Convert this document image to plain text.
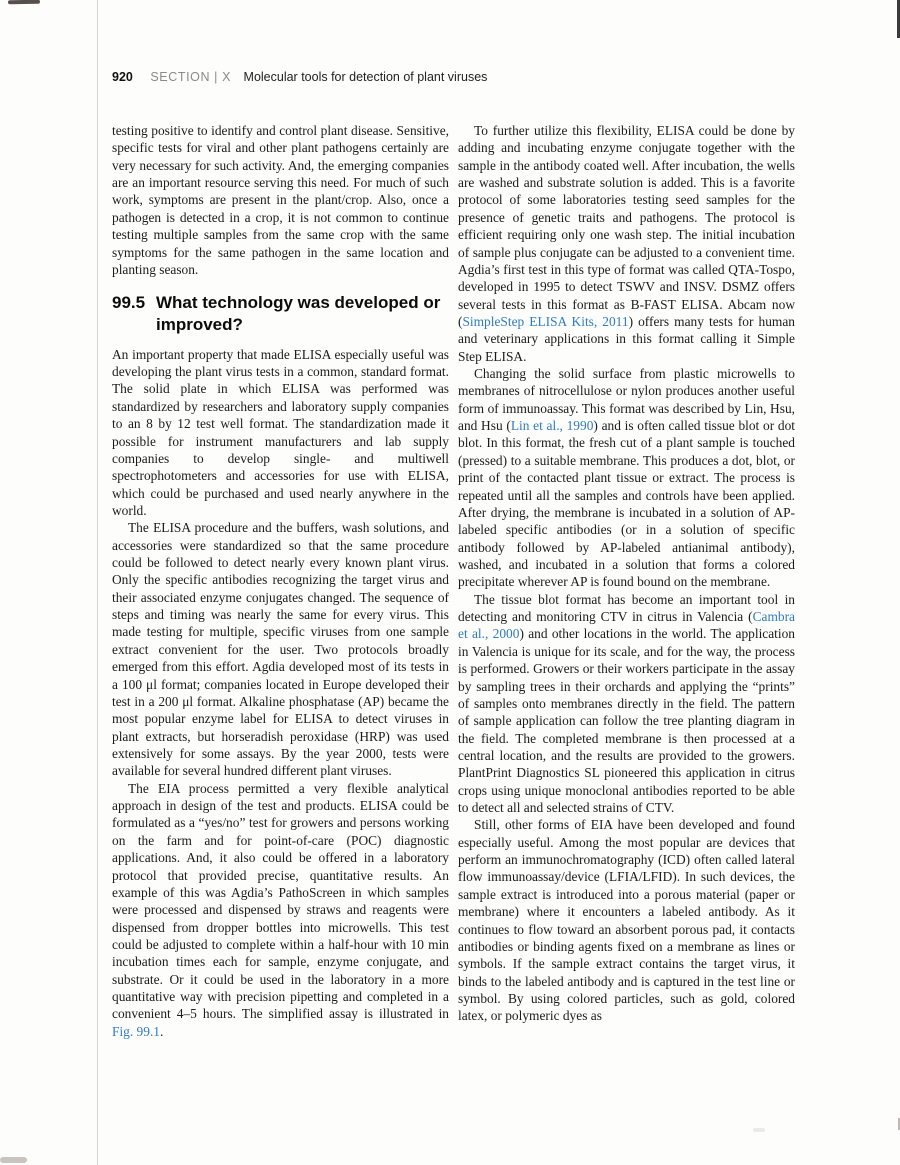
920 SECTION | X Molecular tools for detection of plant viruses

testing positive to identify and control plant disease. Sensitive, specific tests for viral and other plant pathogens certainly are very necessary for such activity. And, the emerging companies are an important resource serving this need. For much of such work, symptoms are present in the plant/crop. Also, once a pathogen is detected in a crop, it is not common to continue testing multiple samples from the same crop with the same symptoms for the same pathogen in the same location and planting season.

99.5 What technology was developed or improved?

An important property that made ELISA especially useful was developing the plant virus tests in a common, standard format. The solid plate in which ELISA was performed was standardized by researchers and laboratory supply companies to an 8 by 12 test well format. The standardization made it possible for instrument manufacturers and lab supply companies to develop single- and multiwell spectrophotometers and accessories for use with ELISA, which could be purchased and used nearly anywhere in the world.

The ELISA procedure and the buffers, wash solutions, and accessories were standardized so that the same procedure could be followed to detect nearly every known plant virus. Only the specific antibodies recognizing the target virus and their associated enzyme conjugates changed. The sequence of steps and timing was nearly the same for every virus. This made testing for multiple, specific viruses from one sample extract convenient for the user. Two protocols broadly emerged from this effort. Agdia developed most of its tests in a 100 μl format; companies located in Europe developed their test in a 200 μl format. Alkaline phosphatase (AP) became the most popular enzyme label for ELISA to detect viruses in plant extracts, but horseradish peroxidase (HRP) was used extensively for some assays. By the year 2000, tests were available for several hundred different plant viruses.

The EIA process permitted a very flexible analytical approach in design of the test and products. ELISA could be formulated as a “yes/no” test for growers and persons working on the farm and for point-of-care (POC) diagnostic applications. And, it also could be offered in a laboratory protocol that provided precise, quantitative results. An example of this was Agdia’s PathoScreen in which samples were processed and dispensed by straws and reagents were dispensed from dropper bottles into microwells. This test could be adjusted to complete within a half-hour with 10 min incubation times each for sample, enzyme conjugate, and substrate. Or it could be used in the laboratory in a more quantitative way with precision pipetting and completed in a convenient 4–5 hours. The simplified assay is illustrated in Fig. 99.1.

To further utilize this flexibility, ELISA could be done by adding and incubating enzyme conjugate together with the sample in the antibody coated well. After incubation, the wells are washed and substrate solution is added. This is a favorite protocol of some laboratories testing seed samples for the presence of genetic traits and pathogens. The protocol is efficient requiring only one wash step. The initial incubation of sample plus conjugate can be adjusted to a convenient time. Agdia’s first test in this type of format was called QTA-Tospo, developed in 1995 to detect TSWV and INSV. DSMZ offers several tests in this format as B-FAST ELISA. Abcam now (SimpleStep ELISA Kits, 2011) offers many tests for human and veterinary applications in this format calling it Simple Step ELISA.

Changing the solid surface from plastic microwells to membranes of nitrocellulose or nylon produces another useful form of immunoassay. This format was described by Lin, Hsu, and Hsu (Lin et al., 1990) and is often called tissue blot or dot blot. In this format, the fresh cut of a plant sample is touched (pressed) to a suitable membrane. This produces a dot, blot, or print of the contacted plant tissue or extract. The process is repeated until all the samples and controls have been applied. After drying, the membrane is incubated in a solution of AP-labeled specific antibodies (or in a solution of specific antibody followed by AP-labeled antianimal antibody), washed, and incubated in a solution that forms a colored precipitate wherever AP is found bound on the membrane.

The tissue blot format has become an important tool in detecting and monitoring CTV in citrus in Valencia (Cambra et al., 2000) and other locations in the world. The application in Valencia is unique for its scale, and for the way, the process is performed. Growers or their workers participate in the assay by sampling trees in their orchards and applying the “prints” of samples onto membranes directly in the field. The pattern of sample application can follow the tree planting diagram in the field. The completed membrane is then processed at a central location, and the results are provided to the growers. PlantPrint Diagnostics SL pioneered this application in citrus crops using unique monoclonal antibodies reported to be able to detect all and selected strains of CTV.

Still, other forms of EIA have been developed and found especially useful. Among the most popular are devices that perform an immunochromatography (ICD) often called lateral flow immunoassay/device (LFIA/LFID). In such devices, the sample extract is introduced into a porous material (paper or membrane) where it encounters a labeled antibody. As it continues to flow toward an absorbent porous pad, it contacts antibodies or binding agents fixed on a membrane as lines or symbols. If the sample extract contains the target virus, it binds to the labeled antibody and is captured in the test line or symbol. By using colored particles, such as gold, colored latex, or polymeric dyes as
